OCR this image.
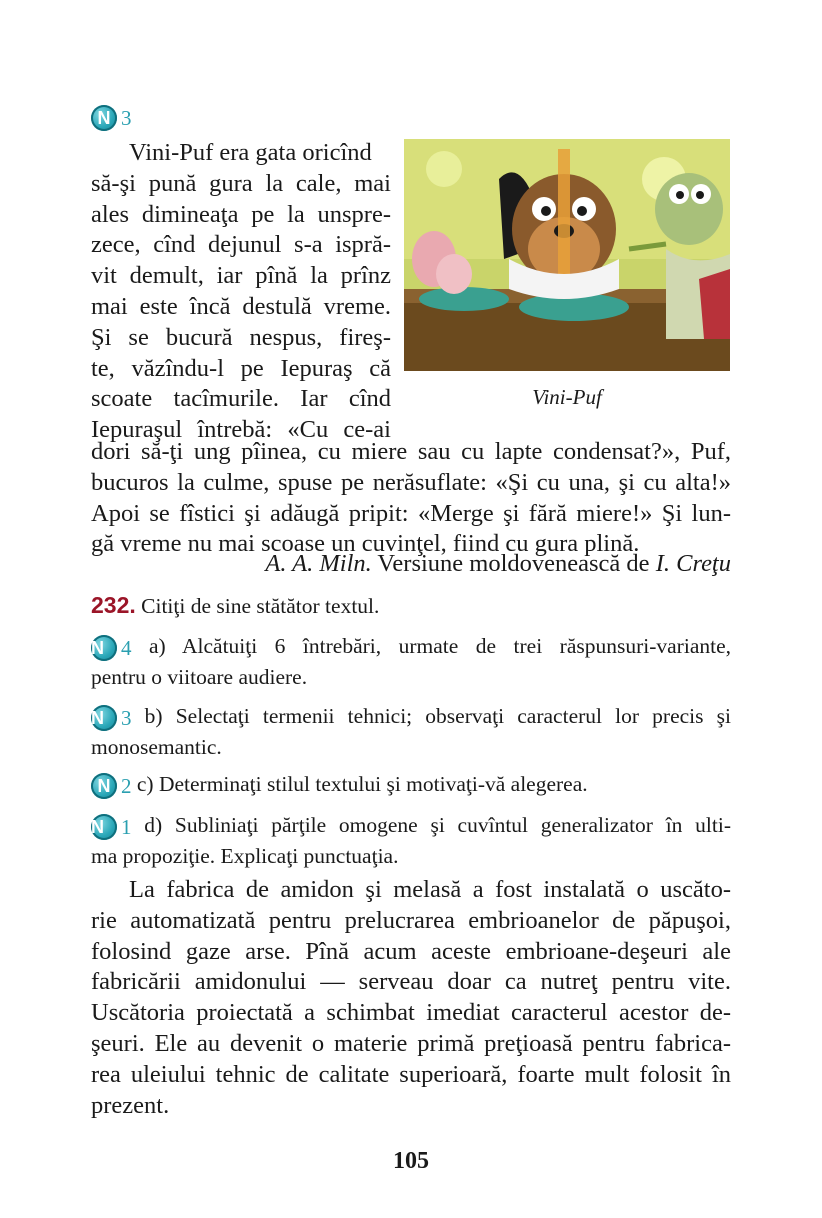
N 3
Vini-Puf era gata oricînd
să-şi pună gura la cale, mai
ales dimineaţa pe la unspre-
zece, cînd dejunul s-a ispră-
vit demult, iar pînă la prînz
mai este încă destulă vreme.
Şi se bucură nespus, fireş-
te, văzîndu-l pe Iepuraş că
scoate tacîmurile. Iar cînd
Iepuraşul întrebă: «Cu ce-ai
Vini-Puf
dori să-ţi ung pîinea, cu miere sau cu lapte condensat?», Puf,
bucuros la culme, spuse pe nerăsuflate: «Şi cu una, şi cu alta!»
Apoi se fîstici şi adăugă pripit: «Merge şi fără miere!» Şi lun-
gă vreme nu mai scoase un cuvinţel, fiind cu gura plină.
A. A. Miln. Versiune moldovenească de I. Creţu
232. Citiţi de sine stătător textul.
N 4 a) Alcătuiţi 6 întrebări, urmate de trei răspunsuri-variante,
pentru o viitoare audiere.
N 3 b) Selectaţi termenii tehnici; observaţi caracterul lor precis şi
monosemantic.
N 2 c) Determinaţi stilul textului şi motivaţi-vă alegerea.
N 1 d) Subliniaţi părţile omogene şi cuvîntul generalizator în ulti-
ma propoziţie. Explicaţi punctuaţia.
La fabrica de amidon şi melasă a fost instalată o uscăto-
rie automatizată pentru prelucrarea embrioanelor de păpuşoi,
folosind gaze arse. Pînă acum aceste embrioane-deşeuri ale
fabricării amidonului — serveau doar ca nutreţ pentru vite.
Uscătoria proiectată a schimbat imediat caracterul acestor de-
şeuri. Ele au devenit o materie primă preţioasă pentru fabrica-
rea uleiului tehnic de calitate superioară, foarte mult folosit în
prezent.
105
